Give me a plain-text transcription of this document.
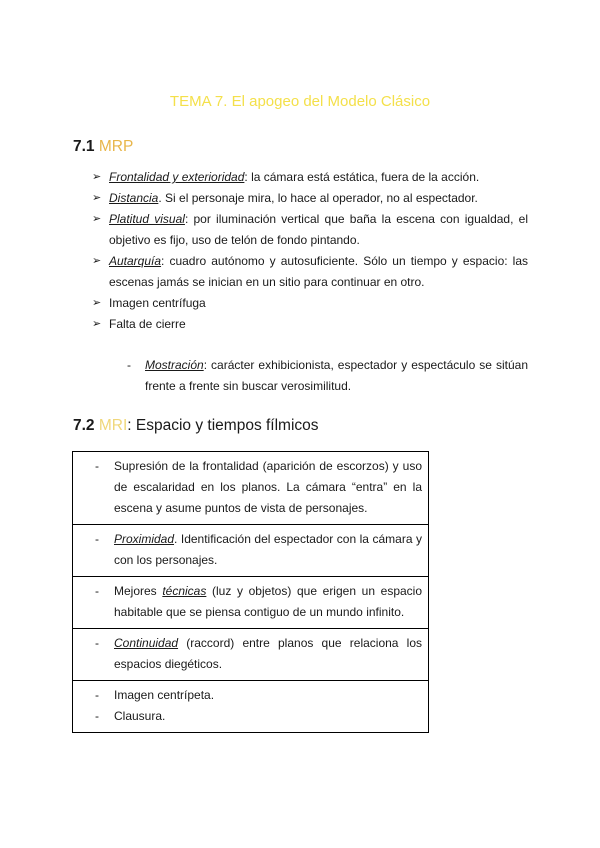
TEMA 7. El apogeo del Modelo Clásico
7.1 MRP
➢ Frontalidad y exterioridad: la cámara está estática, fuera de la acción.
➢ Distancia. Si el personaje mira, lo hace al operador, no al espectador.
➢ Platitud visual: por iluminación vertical que baña la escena con igualdad, el objetivo es fijo, uso de telón de fondo pintando.
➢ Autarquía: cuadro autónomo y autosuficiente. Sólo un tiempo y espacio: las escenas jamás se inician en un sitio para continuar en otro.
➢ Imagen centrífuga
➢ Falta de cierre
- Mostración: carácter exhibicionista, espectador y espectáculo se sitúan frente a frente sin buscar verosimilitud.
7.2 MRI: Espacio y tiempos fílmicos
- Supresión de la frontalidad (aparición de escorzos) y uso de escalaridad en los planos. La cámara “entra” en la escena y asume puntos de vista de personajes.

- Proximidad. Identificación del espectador con la cámara y con los personajes.

- Mejores técnicas (luz y objetos) que erigen un espacio habitable que se piensa contiguo de un mundo infinito.

- Continuidad (raccord) entre planos que relaciona los espacios diegéticos.

- Imagen centrípeta.
- Clausura.
